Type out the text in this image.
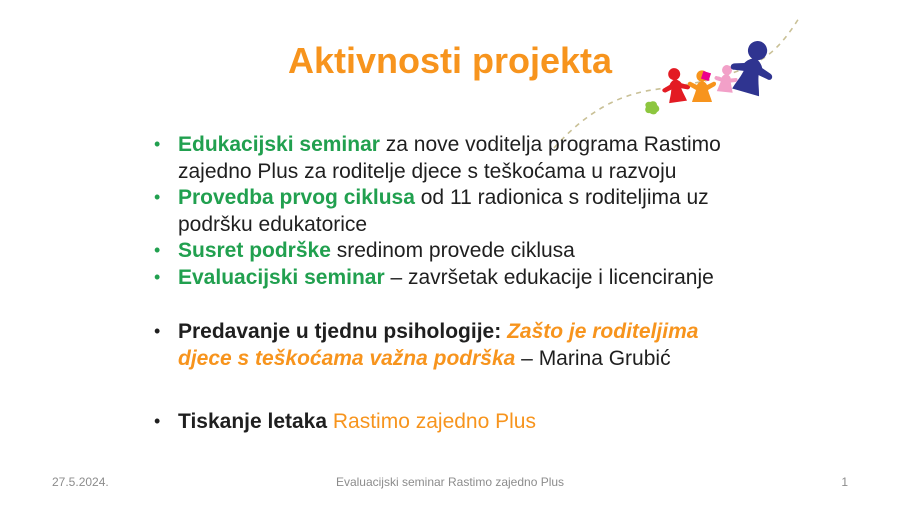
Aktivnosti projekta
• Edukacijski seminar za nove voditelja programa Rastimo zajedno Plus za roditelje djece s teškoćama u razvoju
• Provedba prvog ciklusa od 11 radionica s roditeljima uz podršku edukatorice
• Susret podrške sredinom provede ciklusa
• Evaluacijski seminar – završetak edukacije i licenciranje
• Predavanje u tjednu psihologije: Zašto je roditeljima djece s teškoćama važna podrška – Marina Grubić
• Tiskanje letaka Rastimo zajedno Plus
27.5.2024.	Evaluacijski seminar Rastimo zajedno Plus	1
